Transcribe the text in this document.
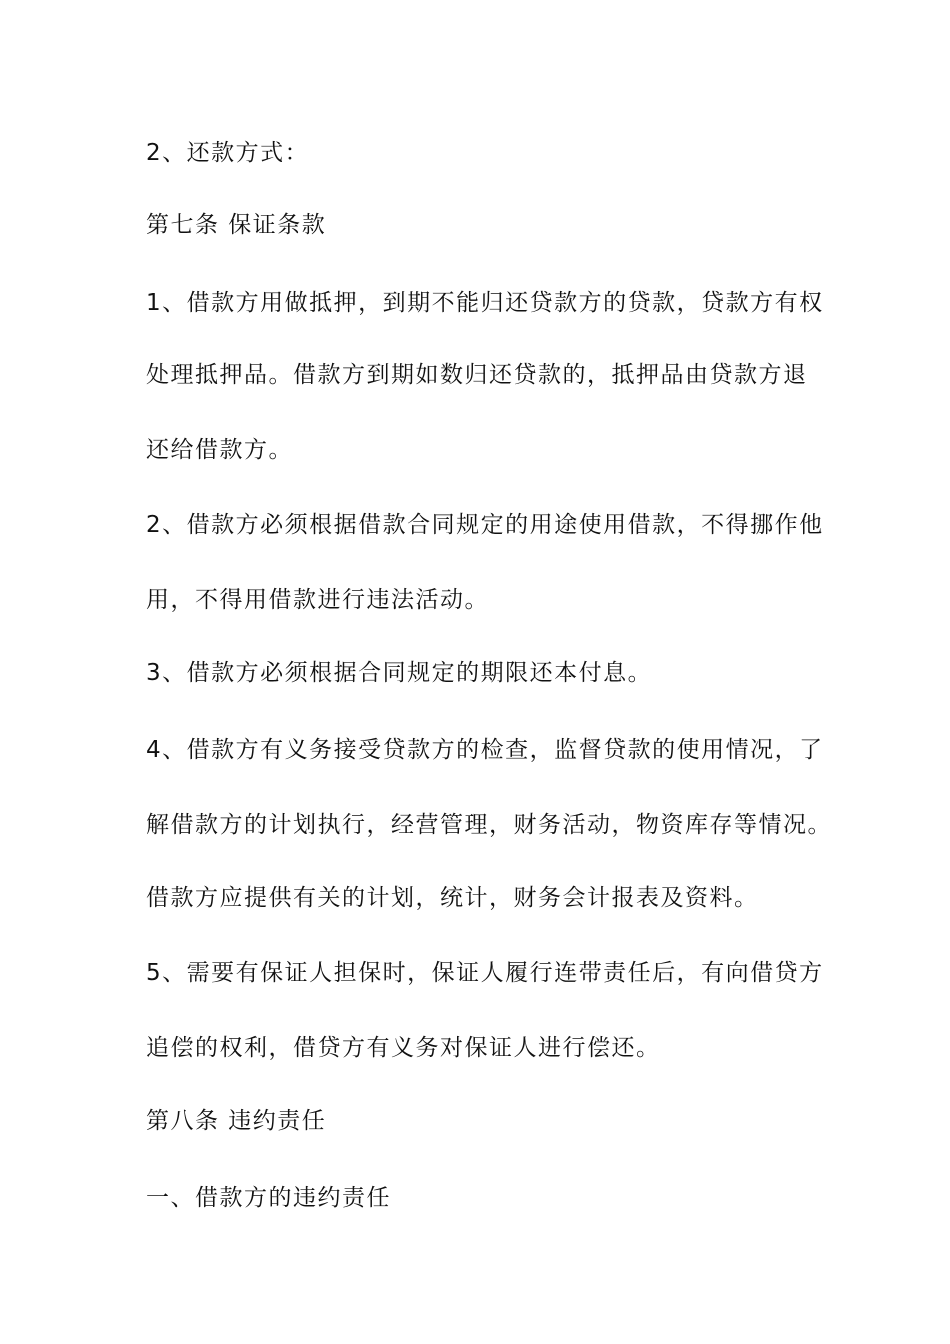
2、还款方式：
第七条 保证条款
1、借款方用做抵押，到期不能归还贷款方的贷款，贷款方有权
处理抵押品。借款方到期如数归还贷款的，抵押品由贷款方退
还给借款方。
2、借款方必须根据借款合同规定的用途使用借款，不得挪作他
用，不得用借款进行违法活动。
3、借款方必须根据合同规定的期限还本付息。
4、借款方有义务接受贷款方的检查，监督贷款的使用情况，了
解借款方的计划执行，经营管理，财务活动，物资库存等情况。
借款方应提供有关的计划，统计，财务会计报表及资料。
5、需要有保证人担保时，保证人履行连带责任后，有向借贷方
追偿的权利，借贷方有义务对保证人进行偿还。
第八条 违约责任
一、借款方的违约责任
